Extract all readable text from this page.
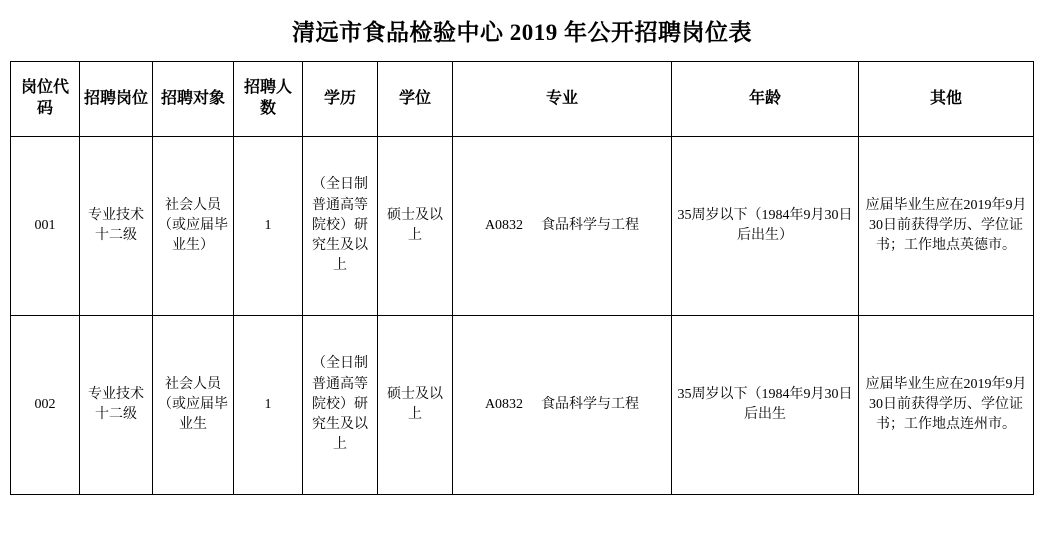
清远市食品检验中心 2019 年公开招聘岗位表
岗位代码	招聘岗位	招聘对象	招聘人数	学历	学位	专业	年龄	其他
001	专业技术十二级	社会人员（或应届毕业生）	1	（全日制普通高等院校）研究生及以上	硕士及以上	A0832 食品科学与工程	35周岁以下（1984年9月30日后出生）	应届毕业生应在2019年9月30日前获得学历、学位证书；工作地点英德市。
002	专业技术十二级	社会人员（或应届毕业生	1	（全日制普通高等院校）研究生及以上	硕士及以上	A0832 食品科学与工程	35周岁以下（1984年9月30日后出生	应届毕业生应在2019年9月30日前获得学历、学位证书；工作地点连州市。
